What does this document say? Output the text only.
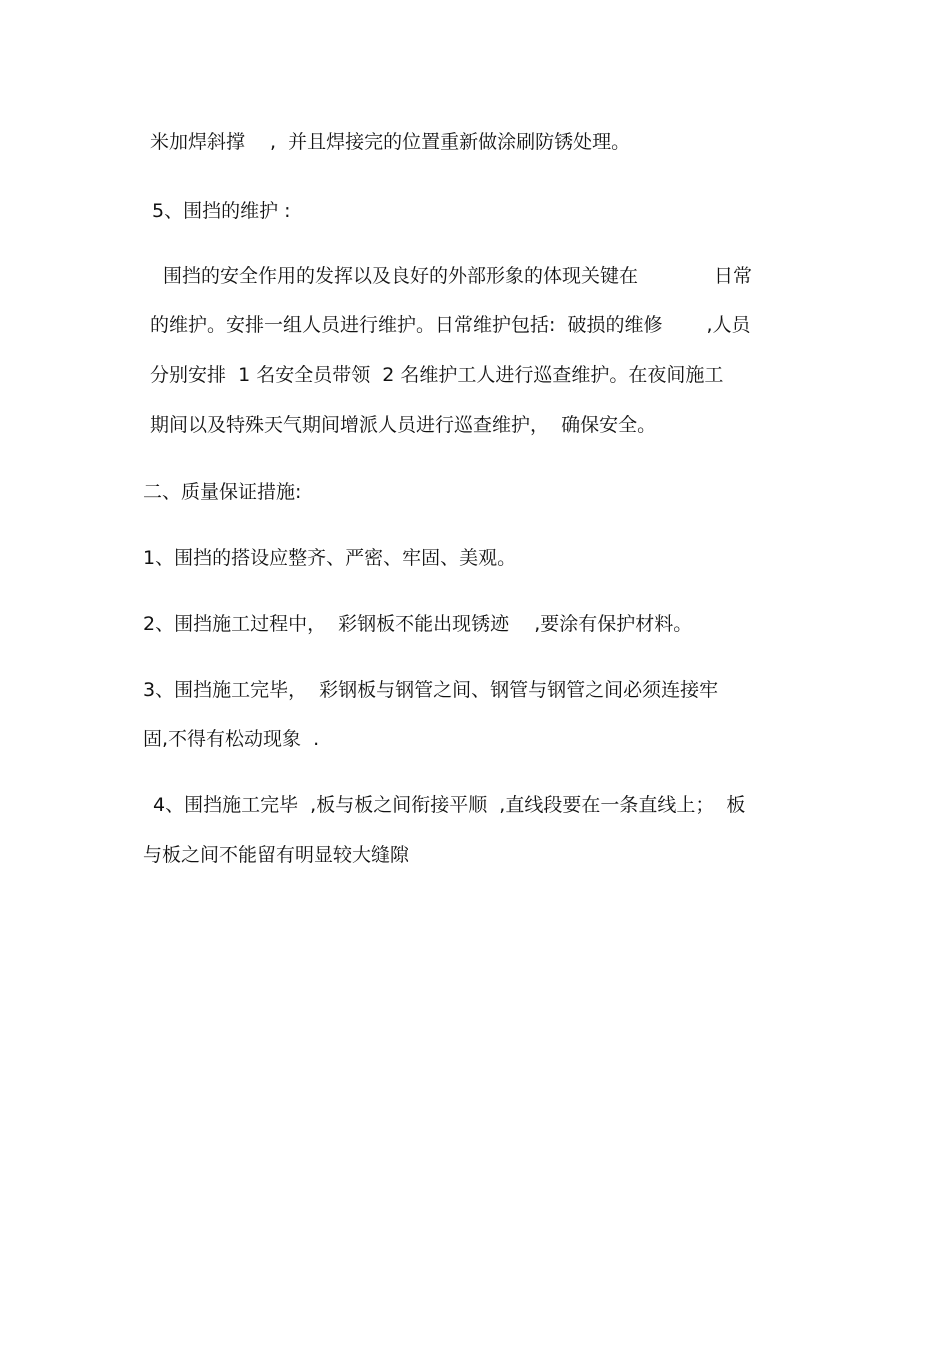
米加焊斜撑　 ,  并且焊接完的位置重新做涂刷防锈处理。
5、围挡的维护 :
围挡的安全作用的发挥以及良好的外部形象的体现关键在　　　　日常
的维护。安排一组人员进行维护。日常维护包括:  破损的维修　　 ,人员
分别安排  1 名安全员带领  2 名维护工人进行巡查维护。在夜间施工
期间以及特殊天气期间增派人员进行巡查维护，  确保安全。
二、质量保证措施:
1、围挡的搭设应整齐、严密、牢固、美观。
2、围挡施工过程中，  彩钢板不能出现锈迹　 ,要涂有保护材料。
3、围挡施工完毕，  彩钢板与钢管之间、钢管与钢管之间必须连接牢
固,不得有松动现象  .
4、围挡施工完毕  ,板与板之间衔接平顺  ,直线段要在一条直线上；  板
与板之间不能留有明显较大缝隙
